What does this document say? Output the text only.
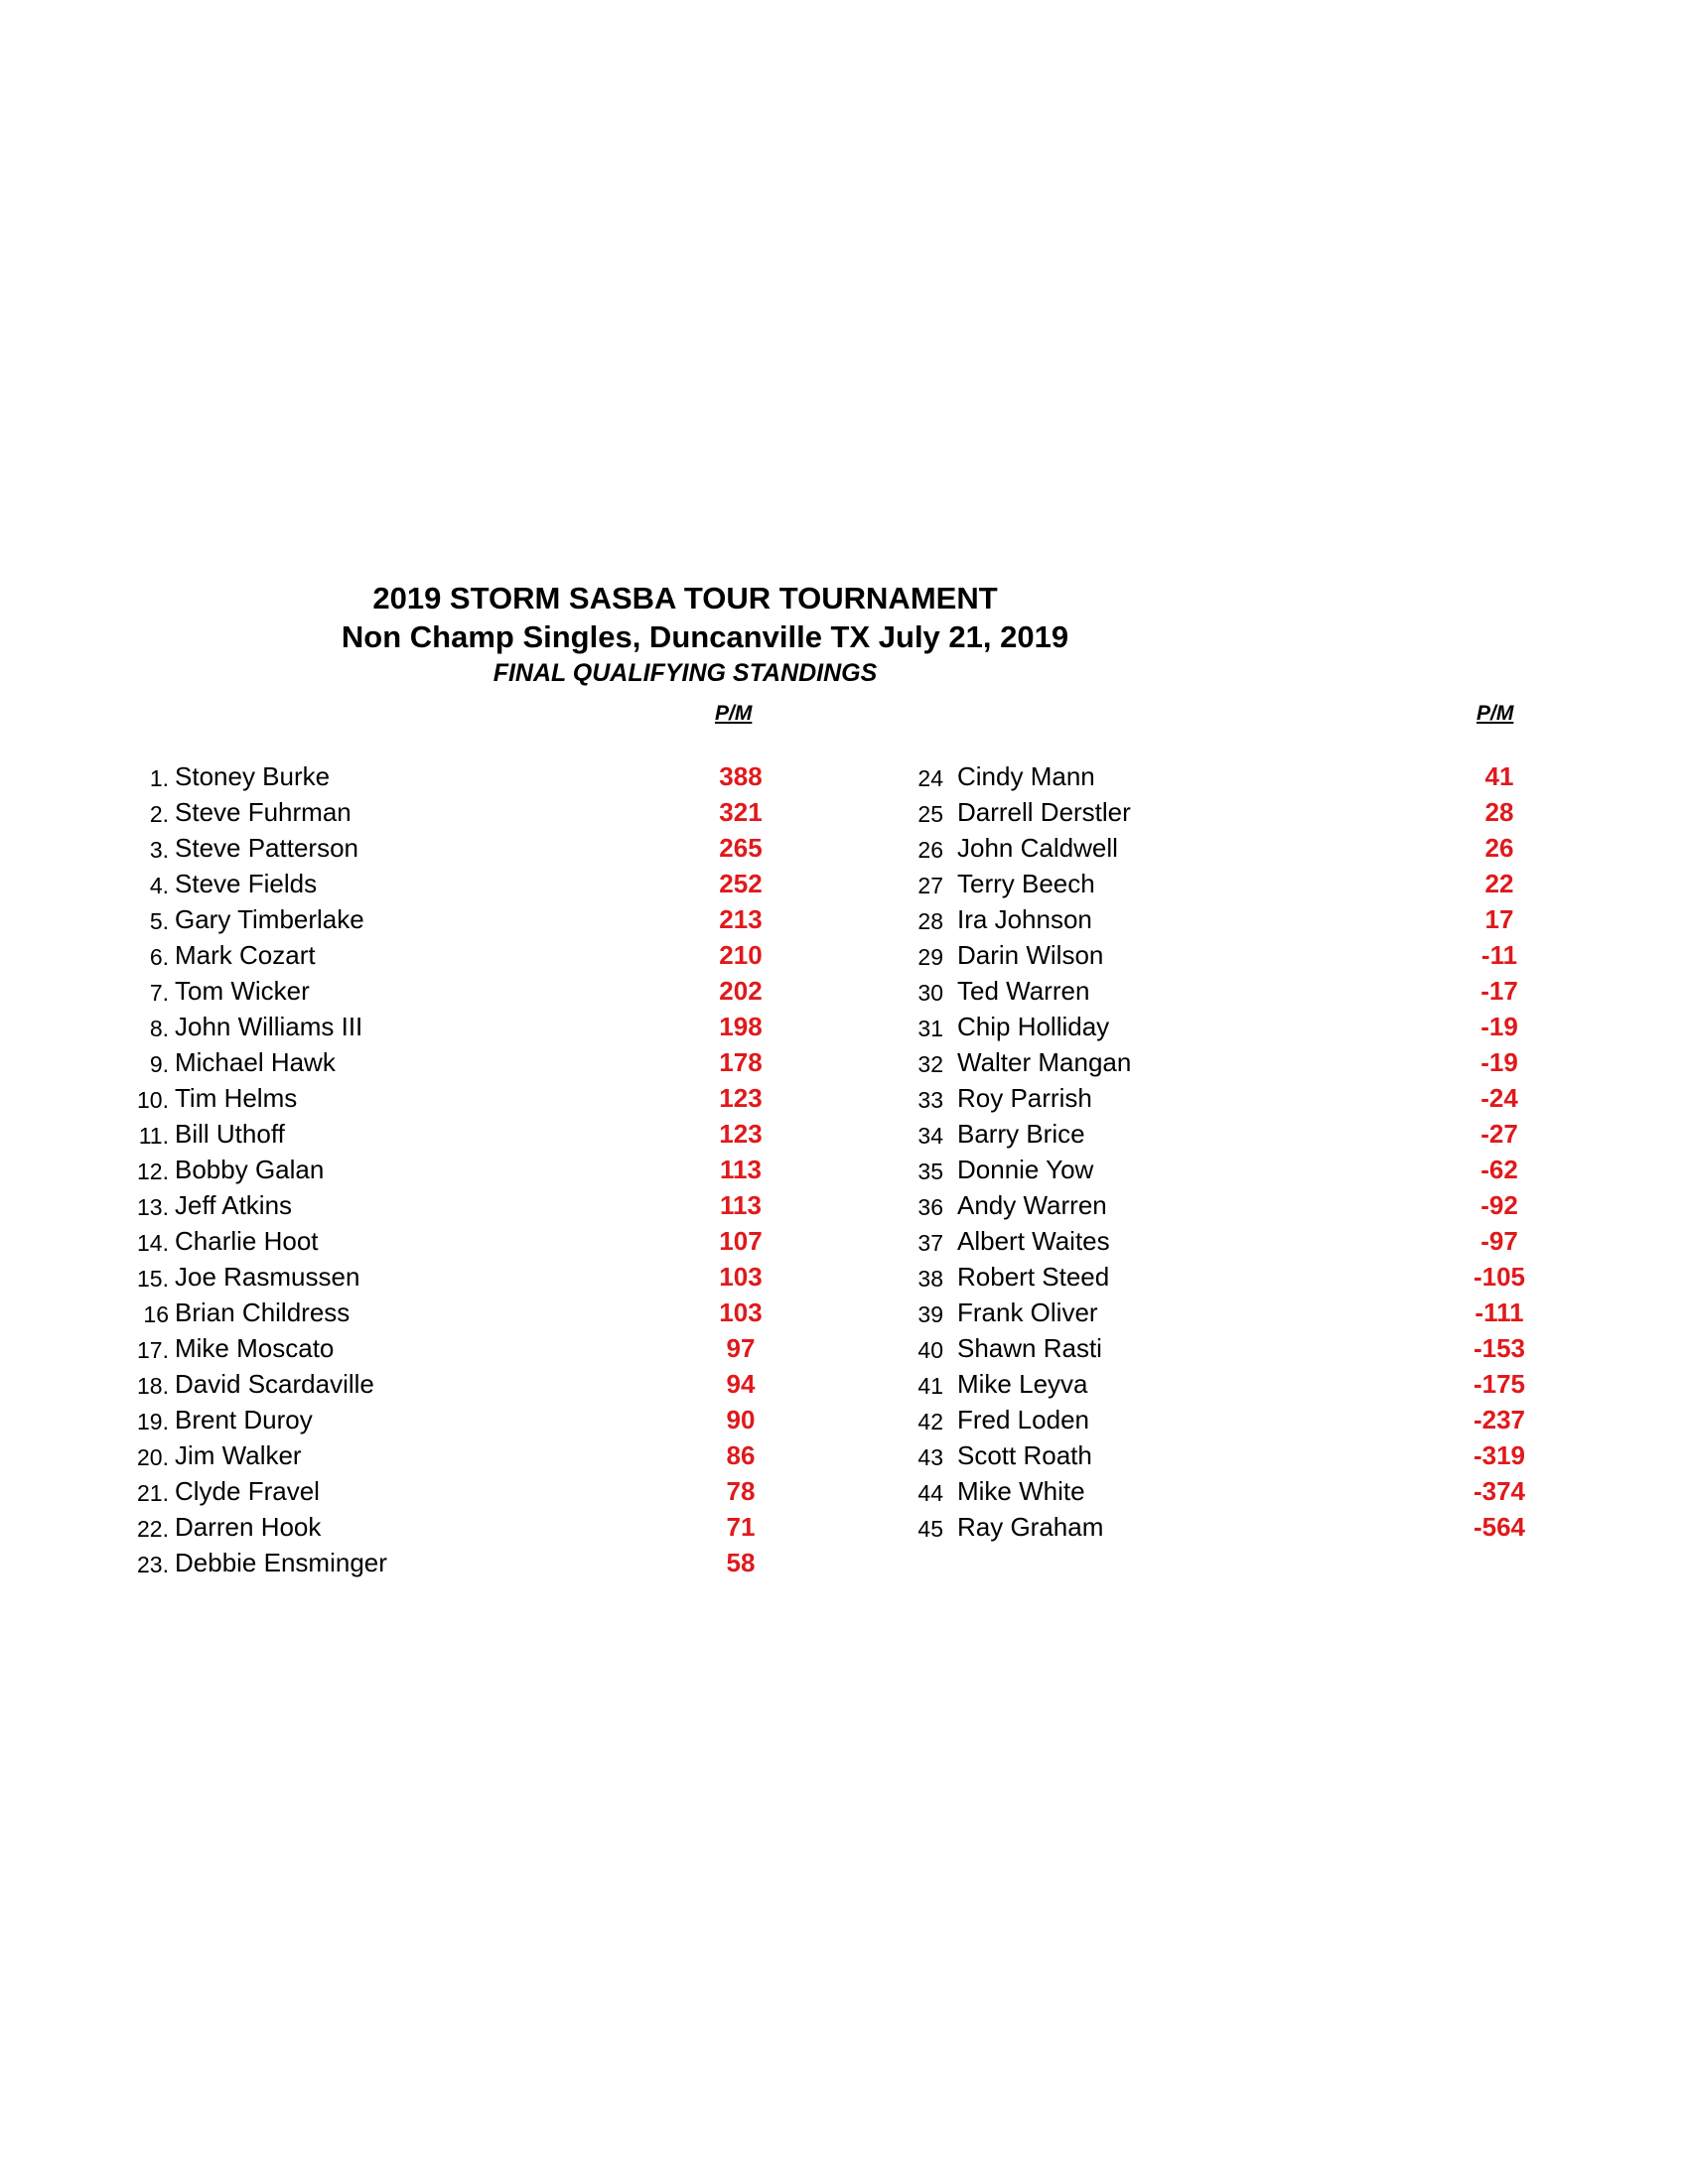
2019 STORM SASBA TOUR TOURNAMENT
Non Champ Singles, Duncanville TX July 21, 2019
FINAL QUALIFYING STANDINGS
P/M	P/M
1. Stoney Burke	388
2. Steve Fuhrman	321
3. Steve Patterson	265
4. Steve Fields	252
5. Gary Timberlake	213
6. Mark Cozart	210
7. Tom Wicker	202
8. John Williams III	198
9. Michael Hawk	178
10. Tim Helms	123
11. Bill Uthoff	123
12. Bobby Galan	113
13. Jeff Atkins	113
14. Charlie Hoot	107
15. Joe Rasmussen	103
16 Brian Childress	103
17. Mike Moscato	97
18. David Scardaville	94
19. Brent Duroy	90
20. Jim Walker	86
21. Clyde Fravel	78
22. Darren Hook	71
23. Debbie Ensminger	58
24 Cindy Mann	41
25 Darrell Derstler	28
26 John Caldwell	26
27 Terry Beech	22
28 Ira Johnson	17
29 Darin Wilson	-11
30 Ted Warren	-17
31 Chip Holliday	-19
32 Walter Mangan	-19
33 Roy Parrish	-24
34 Barry Brice	-27
35 Donnie Yow	-62
36 Andy Warren	-92
37 Albert Waites	-97
38 Robert Steed	-105
39 Frank Oliver	-111
40 Shawn Rasti	-153
41 Mike Leyva	-175
42 Fred Loden	-237
43 Scott Roath	-319
44 Mike White	-374
45 Ray Graham	-564
